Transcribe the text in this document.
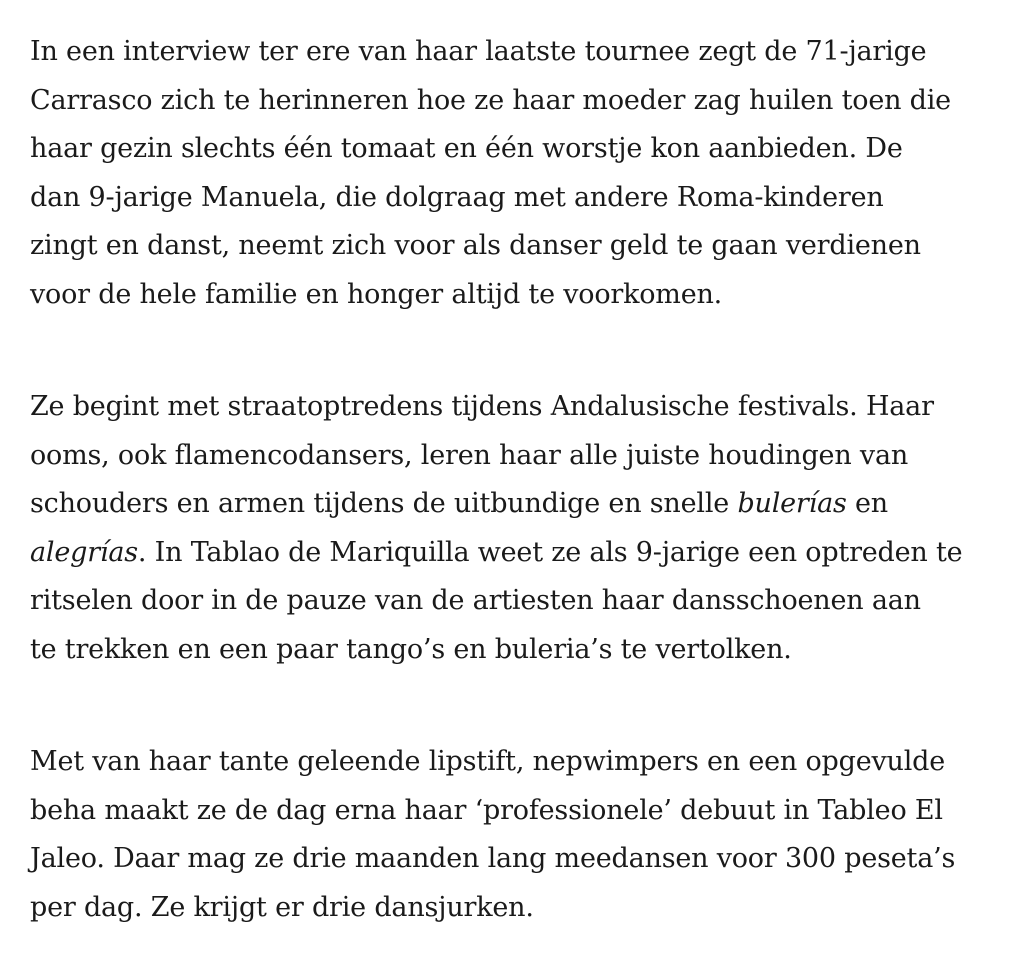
In een interview ter ere van haar laatste tournee zegt de 71-jarige
Carrasco zich te herinneren hoe ze haar moeder zag huilen toen die
haar gezin slechts één tomaat en één worstje kon aanbieden. De
dan 9-jarige Manuela, die dolgraag met andere Roma-kinderen
zingt en danst, neemt zich voor als danser geld te gaan verdienen
voor de hele familie en honger altijd te voorkomen.

Ze begint met straatoptredens tijdens Andalusische festivals. Haar
ooms, ook flamencodansers, leren haar alle juiste houdingen van
schouders en armen tijdens de uitbundige en snelle bulerías en
alegrías. In Tablao de Mariquilla weet ze als 9-jarige een optreden te
ritselen door in de pauze van de artiesten haar dansschoenen aan
te trekken en een paar tango’s en buleria’s te vertolken.

Met van haar tante geleende lipstift, nepwimpers en een opgevulde
beha maakt ze de dag erna haar ‘professionele’ debuut in Tableo El
Jaleo. Daar mag ze drie maanden lang meedansen voor 300 peseta’s
per dag. Ze krijgt er drie dansjurken.
